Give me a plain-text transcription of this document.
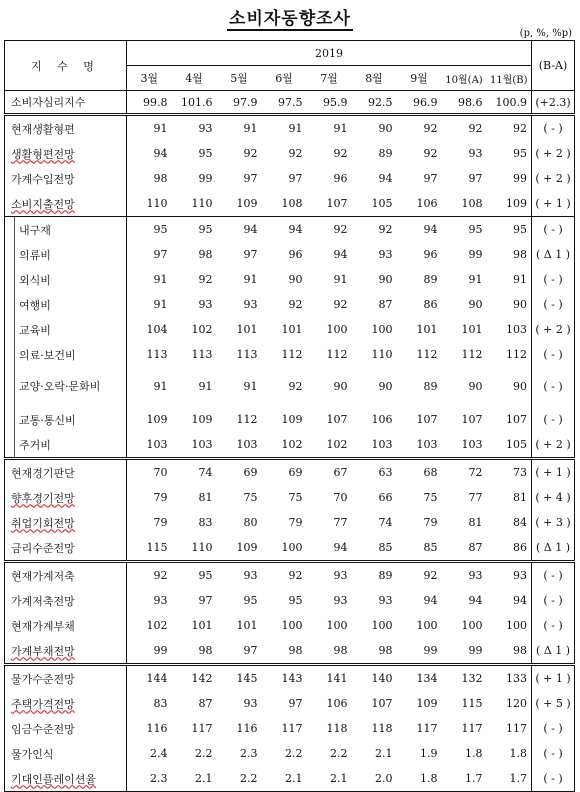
소비자동향조사
(p, %, %p)
지 수 명	2019									(B-A)
	3월	4월	5월	6월	7월	8월	9월	10월(A)	11월(B)	
소비자심리지수	99.8	101.6	97.9	97.5	95.9	92.5	96.9	98.6	100.9	(+2.3)
현재생활형편	91	93	91	91	91	90	92	92	92	( - )
생활형편전망	94	95	92	92	92	89	92	93	95	( + 2 )
가계수입전망	98	99	97	97	96	94	97	97	99	( + 2 )
소비지출전망	110	110	109	108	107	105	106	108	109	( + 1 )
내구재	95	95	94	94	92	92	94	95	95	( - )
의류비	97	98	97	96	94	93	96	99	98	( Δ 1 )
외식비	91	92	91	90	91	90	89	91	91	( - )
여행비	91	93	93	92	92	87	86	90	90	( - )
교육비	104	102	101	101	100	100	101	101	103	( + 2 )
의료·보건비	113	113	113	112	112	110	112	112	112	( - )
교양·오락·문화비	91	91	91	92	90	90	89	90	90	( - )
교통·통신비	109	109	112	109	107	106	107	107	107	( - )
주거비	103	103	103	102	102	103	103	103	105	( + 2 )
현재경기판단	70	74	69	69	67	63	68	72	73	( + 1 )
향후경기전망	79	81	75	75	70	66	75	77	81	( + 4 )
취업기회전망	79	83	80	79	77	74	79	81	84	( + 3 )
금리수준전망	115	110	109	100	94	85	85	87	86	( Δ 1 )
현재가계저축	92	95	93	92	93	89	92	93	93	( - )
가계저축전망	93	97	95	95	93	93	94	94	94	( - )
현재가계부채	102	101	101	100	100	100	100	100	100	( - )
가계부채전망	99	98	97	98	98	98	99	99	98	( Δ 1 )
물가수준전망	144	142	145	143	141	140	134	132	133	( + 1 )
주택가격전망	83	87	93	97	106	107	109	115	120	( + 5 )
임금수준전망	116	117	116	117	118	118	117	117	117	( - )
물가인식	2.4	2.2	2.3	2.2	2.2	2.1	1.9	1.8	1.8	( - )
기대인플레이션율	2.3	2.1	2.2	2.1	2.1	2.0	1.8	1.7	1.7	( - )
